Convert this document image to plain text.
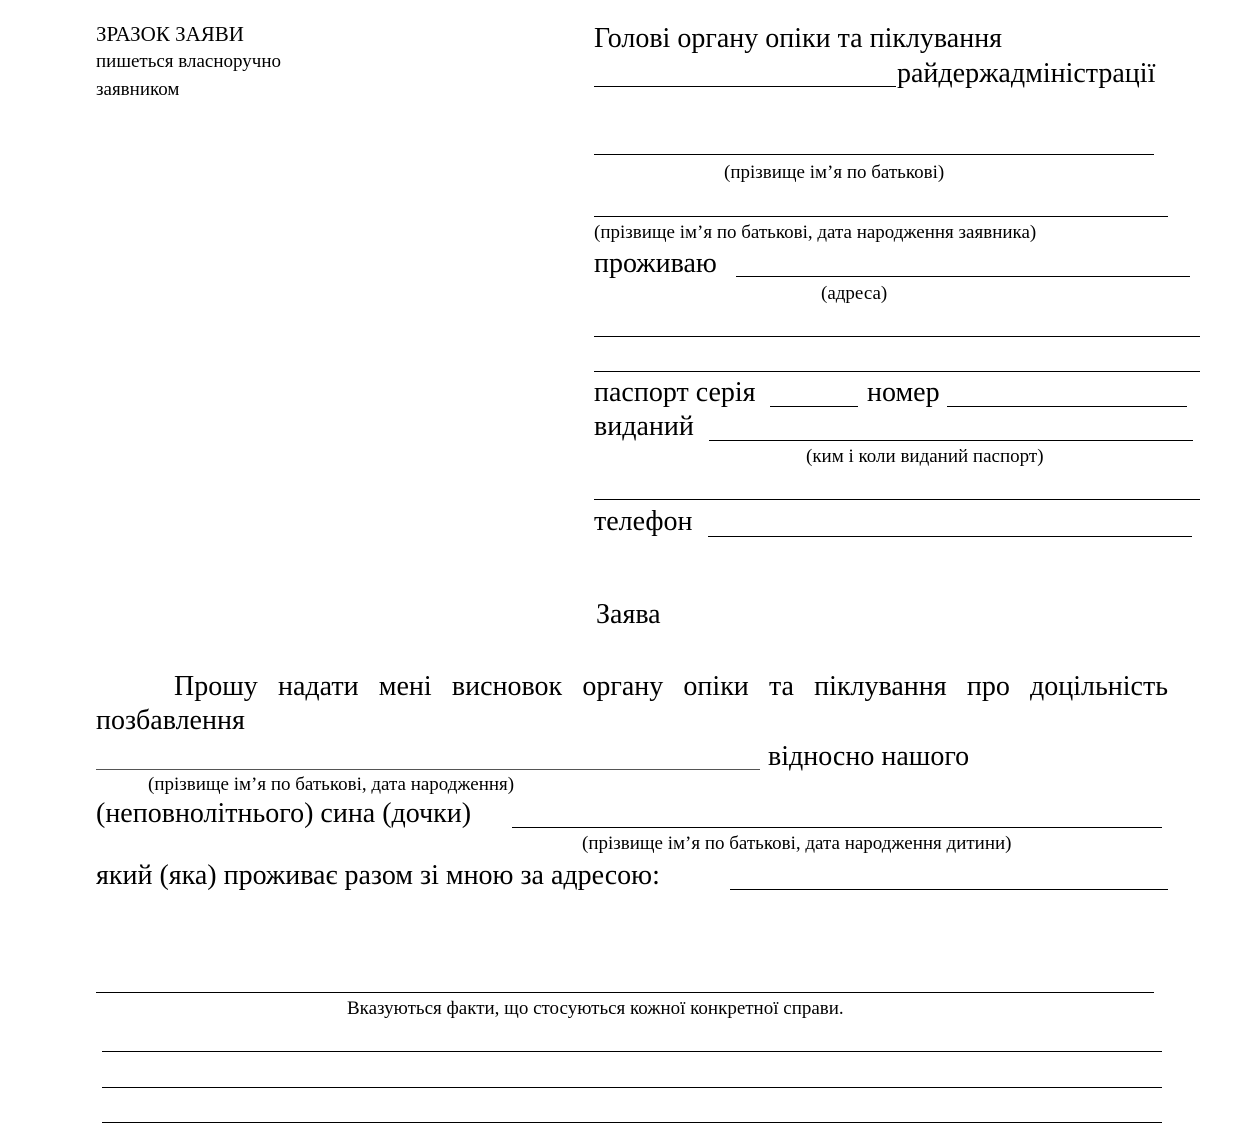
ЗРАЗОК ЗАЯВИ
пишеться власноручно
заявником
Голові органу опіки та піклування
райдержадміністрації
(прізвище ім’я по батькові)
(прізвище ім’я по батькові, дата народження заявника)
проживаю
(адреса)
паспорт серія	номер
виданий
(ким і коли виданий паспорт)
телефон
Заява
Прошу надати мені висновок органу опіки та піклування про доцільність
позбавлення
відносно нашого
(прізвище ім’я по батькові, дата народження)
(неповнолітнього) сина (дочки)
(прізвище ім’я по батькові, дата народження дитини)
який (яка) проживає разом зі мною за адресою:
Вказуються факти, що стосуються кожної конкретної справи.
